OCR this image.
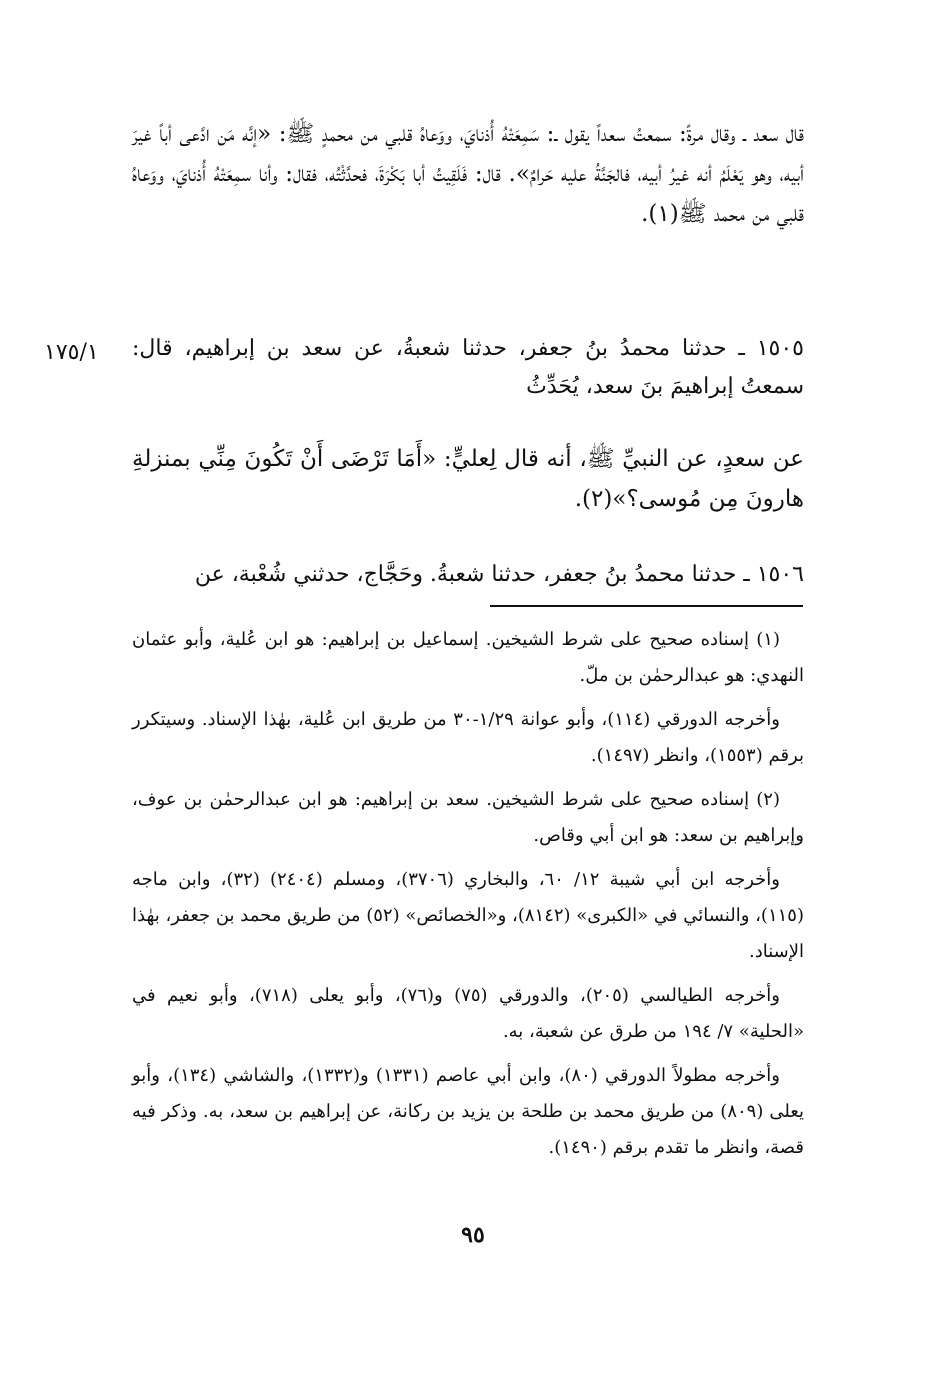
قال سعد ـ وقال مرةً: سمعتُ سعداً يقول ـ: سَمِعَتْهُ أُذنايَ، ووَعاهُ قلبي من محمدٍ ﷺ: «إنَّه مَن ادَّعى أباً غيرَ أبيه، وهو يَعْلَمُ أنه غيرُ أبيه، فالجَنَّةُ عليه حَرامٌ». قال: فَلَقِيتُ أبا بَكْرَةَ، فحدَّثْتُه، فقال: وأنا سمِعَتْهُ أُذنايَ، ووَعاهُ قلبي من محمد ﷺ(١).
١٧٥/١	١٥٠٥ ـ حدثنا محمدُ بنُ جعفر، حدثنا شعبةُ، عن سعد بن إبراهيم، قال: سمعتُ إبراهيمَ بنَ سعد، يُحَدِّثُ
عن سعدٍ، عن النبيِّ ﷺ، أنه قال لِعليٍّ: «أَمَا تَرْضَى أَنْ تَكُونَ مِنِّي بمنزلةِ هارونَ مِن مُوسى؟»(٢).
١٥٠٦ ـ حدثنا محمدُ بنُ جعفر، حدثنا شعبةُ. وحَجَّاج، حدثني شُعْبة، عن

(١) إسناده صحيح على شرط الشيخين. إسماعيل بن إبراهيم: هو ابن عُلية، وأبو عثمان النهدي: هو عبدالرحمٰن بن ملّ.

وأخرجه الدورقي (١١٤)، وأبو عوانة ١/٢٩-٣٠ من طريق ابن عُلية، بهٰذا الإسناد. وسيتكرر برقم (١٥٥٣)، وانظر (١٤٩٧).

(٢) إسناده صحيح على شرط الشيخين. سعد بن إبراهيم: هو ابن عبدالرحمٰن بن عوف، وإبراهيم بن سعد: هو ابن أبي وقاص.

وأخرجه ابن أبي شيبة ١٢/ ٦٠، والبخاري (٣٧٠٦)، ومسلم (٢٤٠٤) (٣٢)، وابن ماجه (١١٥)، والنسائي في «الكبرى» (٨١٤٢)، و«الخصائص» (٥٢) من طريق محمد بن جعفر، بهٰذا الإسناد.

وأخرجه الطيالسي (٢٠٥)، والدورقي (٧٥) و(٧٦)، وأبو يعلى (٧١٨)، وأبو نعيم في «الحلية» ٧/ ١٩٤ من طرق عن شعبة، به.

وأخرجه مطولاً الدورقي (٨٠)، وابن أبي عاصم (١٣٣١) و(١٣٣٢)، والشاشي (١٣٤)، وأبو يعلى (٨٠٩) من طريق محمد بن طلحة بن يزيد بن ركانة، عن إبراهيم بن سعد، به. وذكر فيه قصة، وانظر ما تقدم برقم (١٤٩٠).

٩٥
